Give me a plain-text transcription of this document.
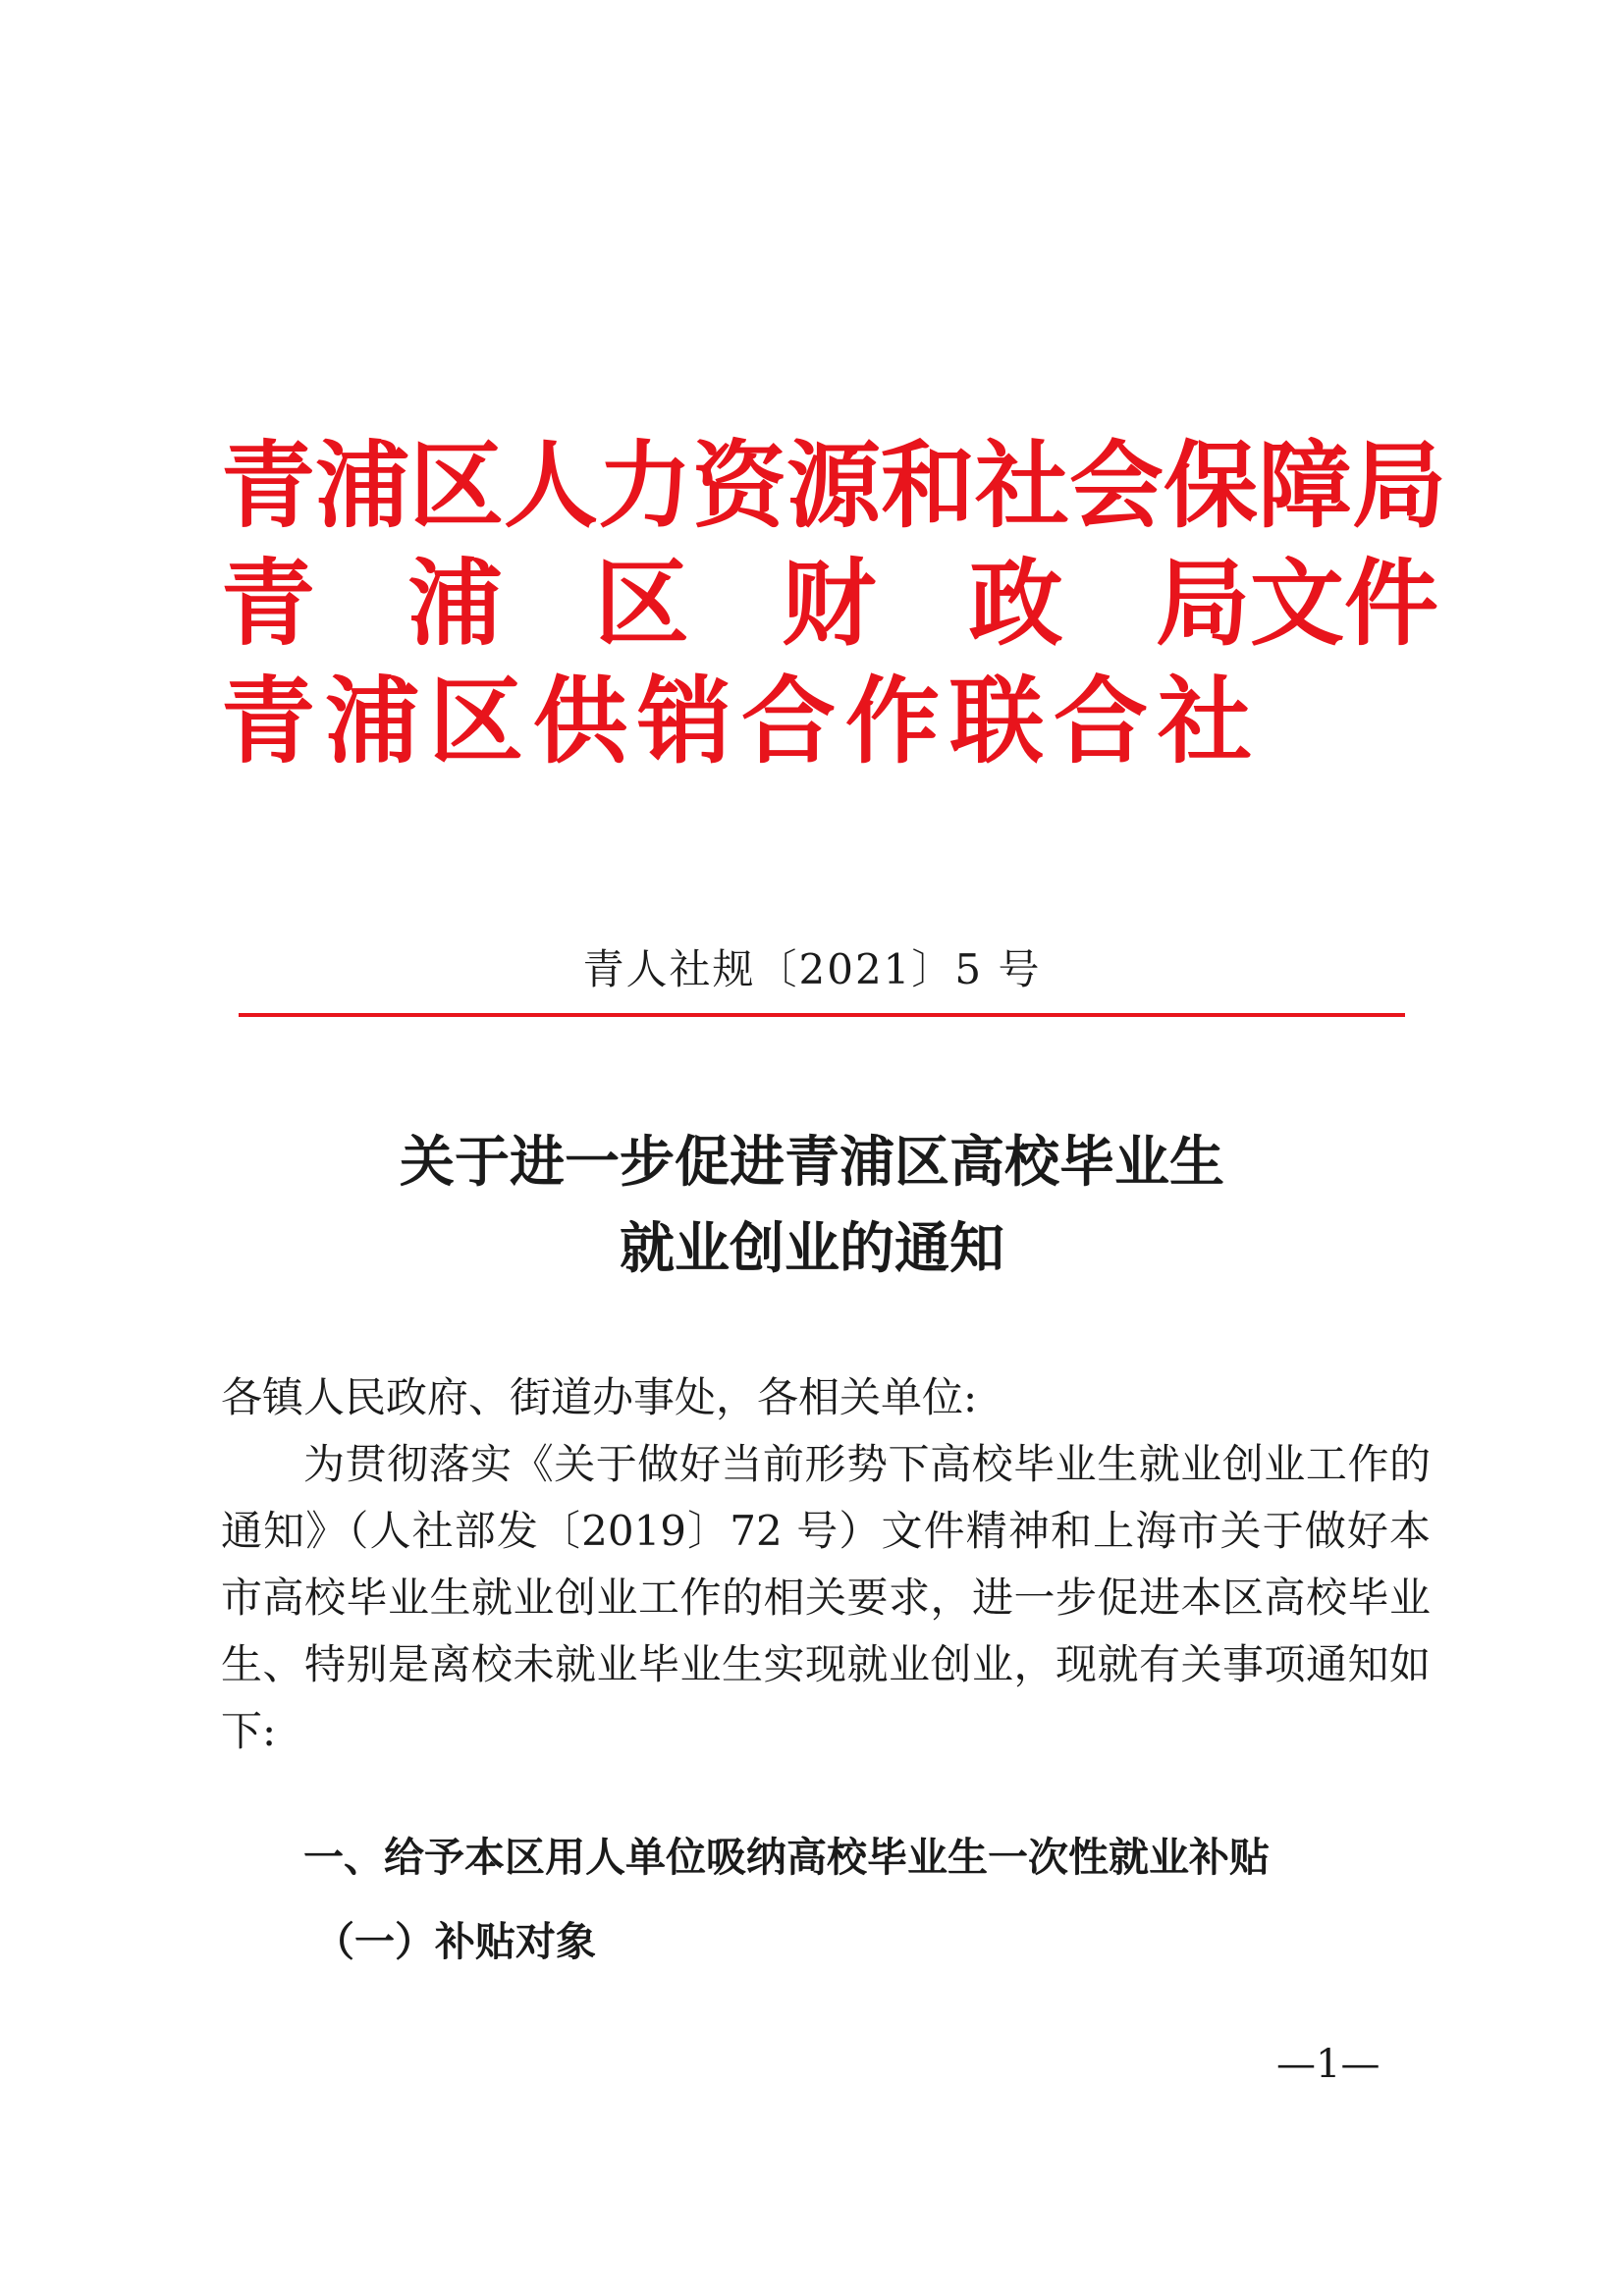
青浦区人力资源和社会保障局
青 浦 区 财 政 局文件
青 浦 区 供 销 合 作 联 合 社
青人社规〔2021〕5 号
关于进一步促进青浦区高校毕业生
就业创业的通知
各镇人民政府、街道办事处，各相关单位:
为贯彻落实《关于做好当前形势下高校毕业生就业创业工作的通知》（人社部发〔2019〕72 号）文件精神和上海市关于做好本市高校毕业生就业创业工作的相关要求，进一步促进本区高校毕业生、特别是离校未就业毕业生实现就业创业，现就有关事项通知如下:
一、给予本区用人单位吸纳高校毕业生一次性就业补贴
（一）补贴对象
—1—
